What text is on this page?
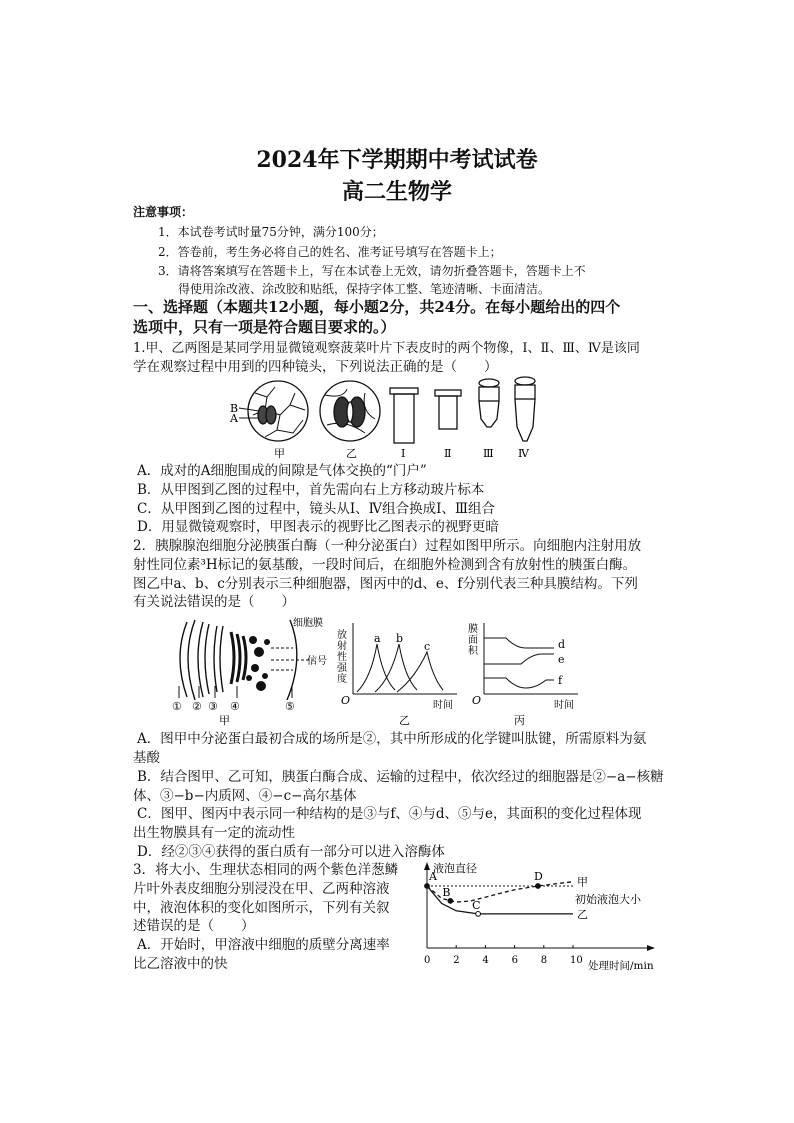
2024年下学期期中考试试卷
高二生物学
注意事项：
1．本试卷考试时量75分钟，满分100分；
2．答卷前，考生务必将自己的姓名、准考证号填写在答题卡上；
3．请将答案填写在答题卡上，写在本试卷上无效，请勿折叠答题卡，答题卡上不
得使用涂改液、涂改胶和贴纸，保持字体工整、笔迹清晰、卡面清洁。
一、选择题（本题共12小题，每小题2分，共24分。在每小题给出的四个
选项中，只有一项是符合题目要求的。）
1.甲、乙两图是某同学用显微镜观察菠菜叶片下表皮时的两个物像，Ⅰ、Ⅱ、Ⅲ、Ⅳ是该同
学在观察过程中用到的四种镜头，下列说法正确的是（　　）
B
A
甲	乙	Ⅰ	Ⅱ	Ⅲ Ⅳ
A．成对的A细胞围成的间隙是气体交换的“门户”
B．从甲图到乙图的过程中，首先需向右上方移动玻片标本
C．从甲图到乙图的过程中，镜头从Ⅰ、Ⅳ组合换成Ⅰ、Ⅲ组合
D．用显微镜观察时，甲图表示的视野比乙图表示的视野更暗
2．胰腺腺泡细胞分泌胰蛋白酶（一种分泌蛋白）过程如图甲所示。向细胞内注射用放
射性同位素³H标记的氨基酸，一段时间后，在细胞外检测到含有放射性的胰蛋白酶。
图乙中a、b、c分别表示三种细胞器，图丙中的d、e、f分别代表三种具膜结构。下列
有关说法错误的是（　　）
细胞膜
信号
① ② ③ ④	⑤
甲
放射性强度
a b
c
O	时间
乙
膜面积
d
e
f
O	时间
丙
A．图甲中分泌蛋白最初合成的场所是②，其中所形成的化学键叫肽键，所需原料为氨
基酸
B．结合图甲、乙可知，胰蛋白酶合成、运输的过程中，依次经过的细胞器是②−a−核糖
体、③−b−内质网、④−c−高尔基体
C．图甲、图丙中表示同一种结构的是③与f、④与d、⑤与e，其面积的变化过程体现
出生物膜具有一定的流动性
D．经②③④获得的蛋白质有一部分可以进入溶酶体
3．将大小、生理状态相同的两个紫色洋葱鳞
片叶外表皮细胞分别浸没在甲、乙两种溶液
中，液泡体积的变化如图所示，下列有关叙
述错误的是（　　）
A．开始时，甲溶液中细胞的质壁分离速率
比乙溶液中的快
液泡直径
处理时间/min
初始液泡大小
0 2 4 6 8 10
甲
乙
A
B
C
D
